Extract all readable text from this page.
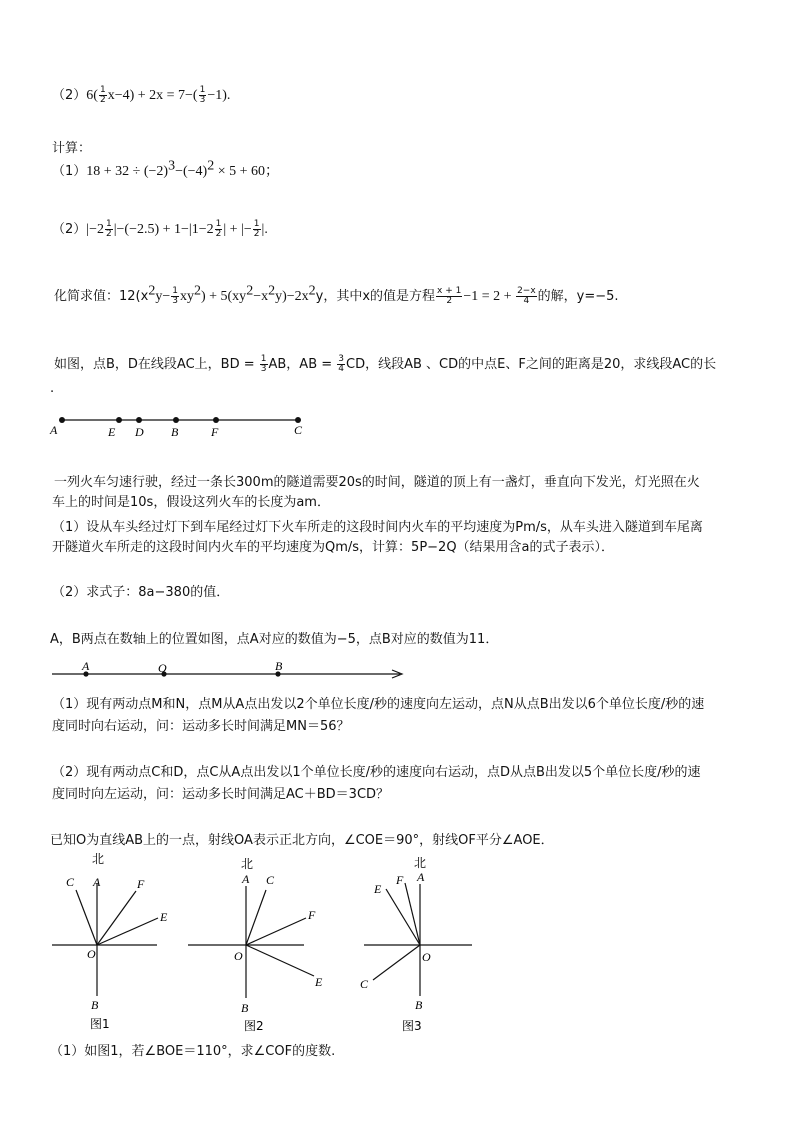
$(2)6( \frac{1}{2} x-4) + 2x = 7-( \frac{1}{3} -1)$.
计算：
$(1)18 + 32 \div (-2)^3-(-4)^2 \times 5 + 60$；
$(2)|-2 \frac{1}{2} |-(-2.5) + 1-|1-2 \frac{1}{2}$ | + |− $\frac{1}{2}$ |.
化简求值：$12(x^2y- \frac{1}{3} xy^2) + 5(xy^2-x^2y)-2x^2y$，其中x的值是方程 $\frac{x + 1}{2} -1 = 2 + \frac{2-x}{4}$ 的解，y=−5.
如图，点B，D在线段AC上，BD = $\frac{1}{3}$ AB，AB = $\frac{3}{4}$ CD，线段AB 、CD的中点E、F之间的距离是20，求线段AC的长
.
A	E D B	F	C
一列火车匀速行驶，经过一条长300m的隧道需要20s的时间，隧道的顶上有一盏灯，垂直向下发光，灯光照在火
车上的时间是10s，假设这列火车的长度为am．
（1）设从车头经过灯下到车尾经过灯下火车所走的这段时间内火车的平均速度为Pm/s，从车头进入隧道到车尾离
开隧道火车所走的这段时间内火车的平均速度为Qm/s，计算：5P−2Q（结果用含a的式子表示）．
（2）求式子：8a−380的值．
A，B两点在数轴上的位置如图，点A对应的数值为−5，点B对应的数值为11．
A	O	B
（1）现有两动点M和N，点M从A点出发以2个单位长度/秒的速度向左运动，点N从点B出发以6个单位长度/秒的速
度同时向右运动，问：运动多长时间满足MN＝56？
（2）现有两动点C和D，点C从A点出发以1个单位长度/秒的速度向右运动，点D从点B出发以5个单位长度/秒的速
度同时向左运动，问：运动多长时间满足AC＋BD＝3CD？
已知O为直线AB上的一点，射线OA表示正北方向，∠COE＝90°，射线OF平分∠AOE．
北
A
C	F
E
O
B
图1
北
A C
F
E
O
B
图2
北
A
F
E
C
O
B
图3
（1）如图1，若∠BOE＝110°，求∠COF的度数.
